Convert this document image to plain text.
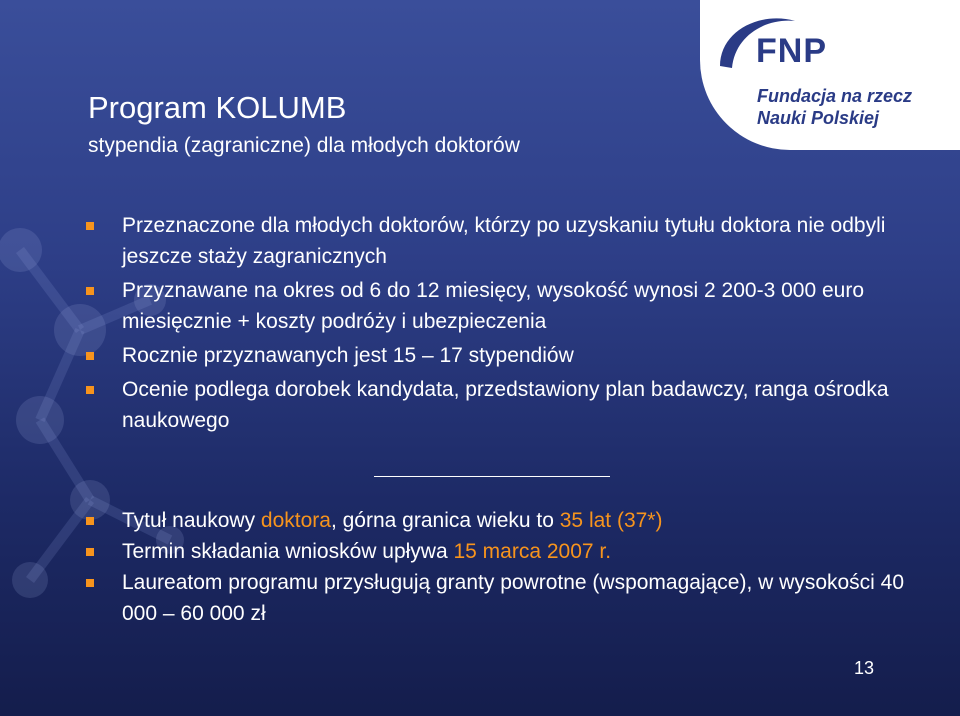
FNP
Fundacja na rzecz
Nauki Polskiej
Program KOLUMB
stypendia (zagraniczne) dla młodych doktorów
Przeznaczone dla młodych doktorów, którzy po uzyskaniu tytułu doktora nie odbyli jeszcze staży zagranicznych
Przyznawane na okres od 6 do 12 miesięcy, wysokość wynosi 2 200-3 000 euro miesięcznie + koszty podróży i ubezpieczenia
Rocznie przyznawanych jest 15 – 17 stypendiów
Ocenie podlega dorobek kandydata, przedstawiony plan badawczy, ranga ośrodka naukowego
Tytuł naukowy doktora, górna granica wieku to 35 lat (37*)
Termin składania wniosków upływa 15 marca 2007 r.
Laureatom programu przysługują granty powrotne (wspomagające), w wysokości 40 000 – 60 000 zł
13
